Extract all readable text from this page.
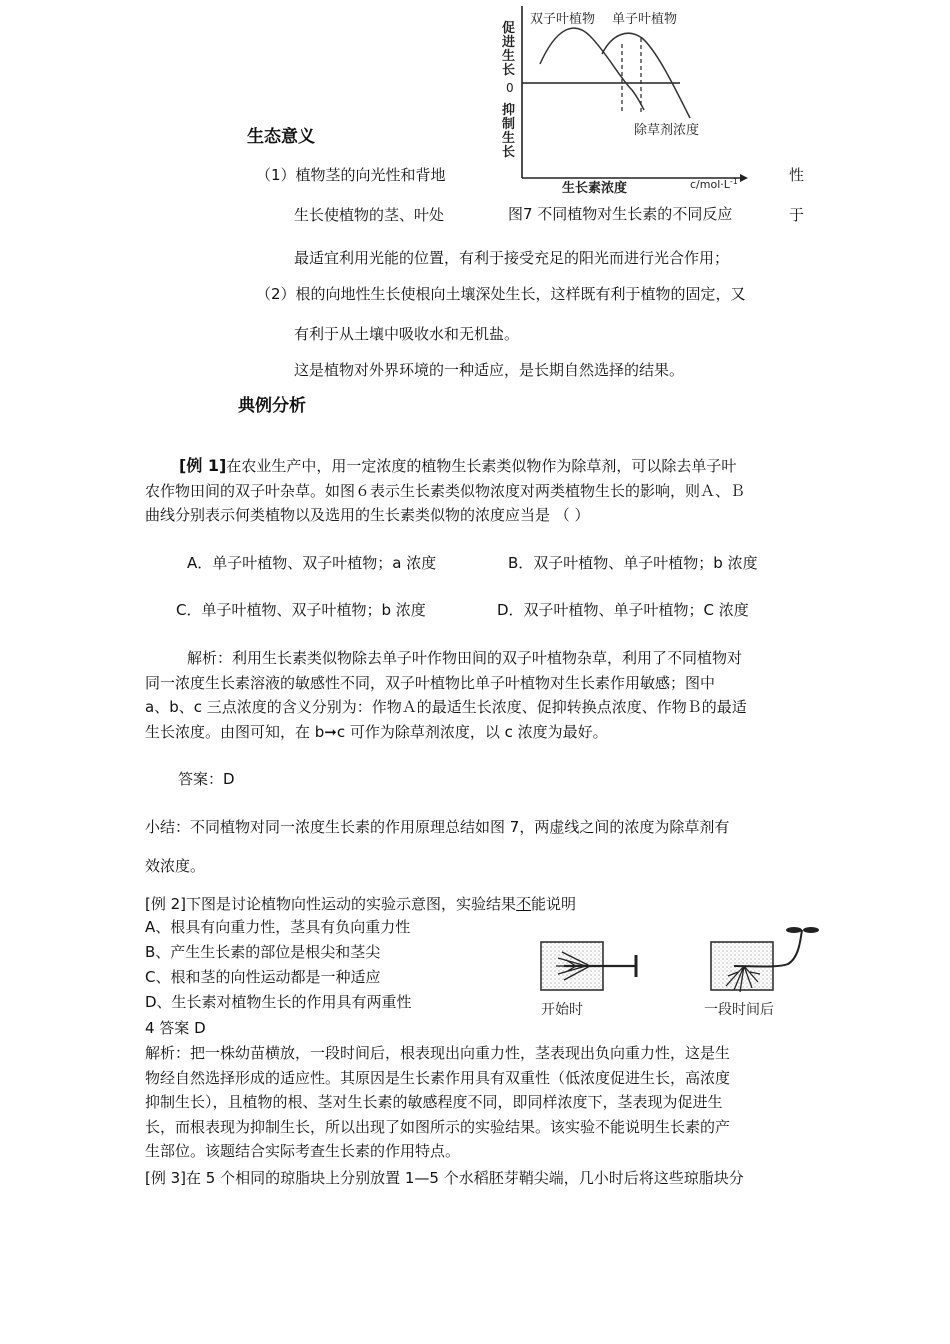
双子叶植物 单子叶植物
促
进
生
长
0
抑
制
生
长
除草剂浓度
生长素浓度	$c/mol\cdot L^{-1}$
图7 不同植物对生长素的不同反应
生态意义
（1）植物茎的向光性和背地	性
生长使植物的茎、叶处	于
最适宜利用光能的位置，有利于接受充足的阳光而进行光合作用；
（2）根的向地性生长使根向土壤深处生长，这样既有利于植物的固定，又
有利于从土壤中吸收水和无机盐。
这是植物对外界环境的一种适应，是长期自然选择的结果。
典例分析
[例 1]在农业生产中，用一定浓度的植物生长素类似物作为除草剂，可以除去单子叶
农作物田间的双子叶杂草。如图６表示生长素类似物浓度对两类植物生长的影响，则Ａ、Ｂ
曲线分别表示何类植物以及选用的生长素类似物的浓度应当是 （ ）
A．单子叶植物、双子叶植物；a 浓度	B．双子叶植物、单子叶植物；b 浓度
C．单子叶植物、双子叶植物；b 浓度	D．双子叶植物、单子叶植物；C 浓度
解析：利用生长素类似物除去单子叶作物田间的双子叶植物杂草，利用了不同植物对
同一浓度生长素溶液的敏感性不同，双子叶植物比单子叶植物对生长素作用敏感；图中
a、b、c 三点浓度的含义分别为：作物Ａ的最适生长浓度、促抑转换点浓度、作物Ｂ的最适
生长浓度。由图可知，在 b➞c 可作为除草剂浓度，以 c 浓度为最好。
答案：D
小结：不同植物对同一浓度生长素的作用原理总结如图 7，两虚线之间的浓度为除草剂有
效浓度。
[例 2]下图是讨论植物向性运动的实验示意图，实验结果不能说明
A、根具有向重力性，茎具有负向重力性
B、产生生长素的部位是根尖和茎尖
C、根和茎的向性运动都是一种适应
D、生长素对植物生长的作用具有两重性
4 答案 D
解析：把一株幼苗横放，一段时间后，根表现出向重力性，茎表现出负向重力性，这是生
物经自然选择形成的适应性。其原因是生长素作用具有双重性（低浓度促进生长，高浓度
抑制生长），且植物的根、茎对生长素的敏感程度不同，即同样浓度下，茎表现为促进生
长，而根表现为抑制生长，所以出现了如图所示的实验结果。该实验不能说明生长素的产
生部位。该题结合实际考查生长素的作用特点。
开始时	一段时间后
[例 3]在 5 个相同的琼脂块上分别放置 1—5 个水稻胚芽鞘尖端，几小时后将这些琼脂块分
